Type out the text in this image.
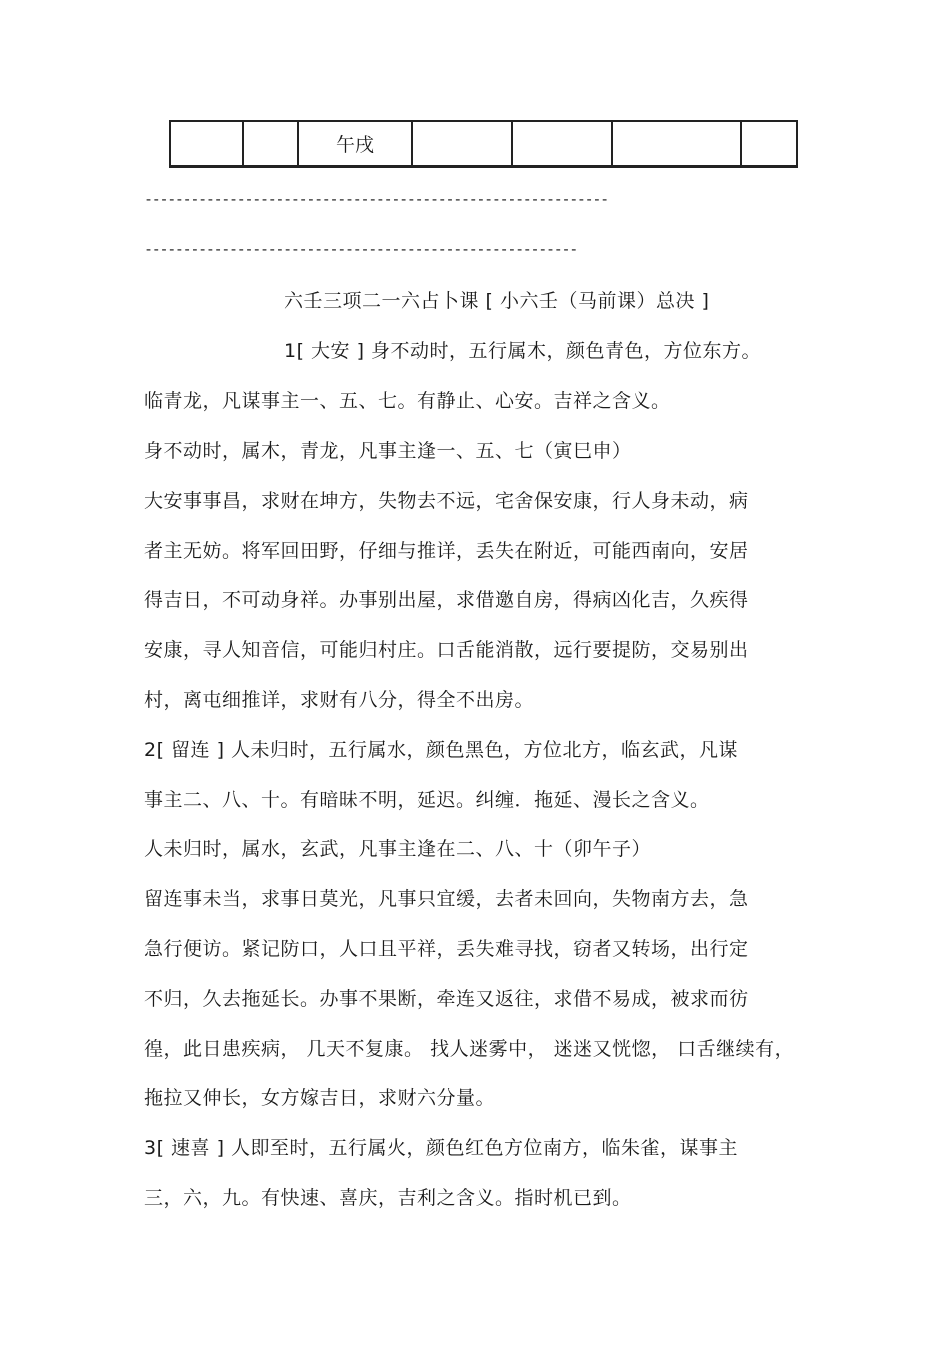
午戌
------------------------------------------------------------
--------------------------------------------------------
六壬三项二一六占卜课 [ 小六壬（马前课）总决 ]
1[ 大安 ] 身不动时，五行属木，颜色青色，方位东方。
临青龙，凡谋事主一、五、七。有静止、心安。吉祥之含义。
身不动时，属木，青龙，凡事主逢一、五、七（寅巳申）
大安事事昌，求财在坤方，失物去不远，宅舍保安康，行人身未动，病
者主无妨。将军回田野，仔细与推详，丢失在附近，可能西南向，安居
得吉日，不可动身祥。办事别出屋，求借邀自房，得病凶化吉，久疾得
安康，寻人知音信，可能归村庄。口舌能消散，远行要提防，交易别出
村，离屯细推详，求财有八分，得全不出房。
2[ 留连 ] 人未归时，五行属水，颜色黑色，方位北方，临玄武，凡谋
事主二、八、十。有暗昧不明，延迟。纠缠．拖延、漫长之含义。
人未归时，属水，玄武，凡事主逢在二、八、十（卯午子）
留连事未当，求事日莫光，凡事只宜缓，去者未回向，失物南方去，急
急行便访。紧记防口，人口且平祥，丢失难寻找，窃者又转场，出行定
不归，久去拖延长。办事不果断，牵连又返往，求借不易成，被求而彷
徨，此日患疾病， 几天不复康。 找人迷雾中， 迷迷又恍惚， 口舌继续有，
拖拉又伸长，女方嫁吉日，求财六分量。
3[ 速喜 ] 人即至时，五行属火，颜色红色方位南方，临朱雀，谋事主
三，六，九。有快速、喜庆，吉利之含义。指时机已到。
